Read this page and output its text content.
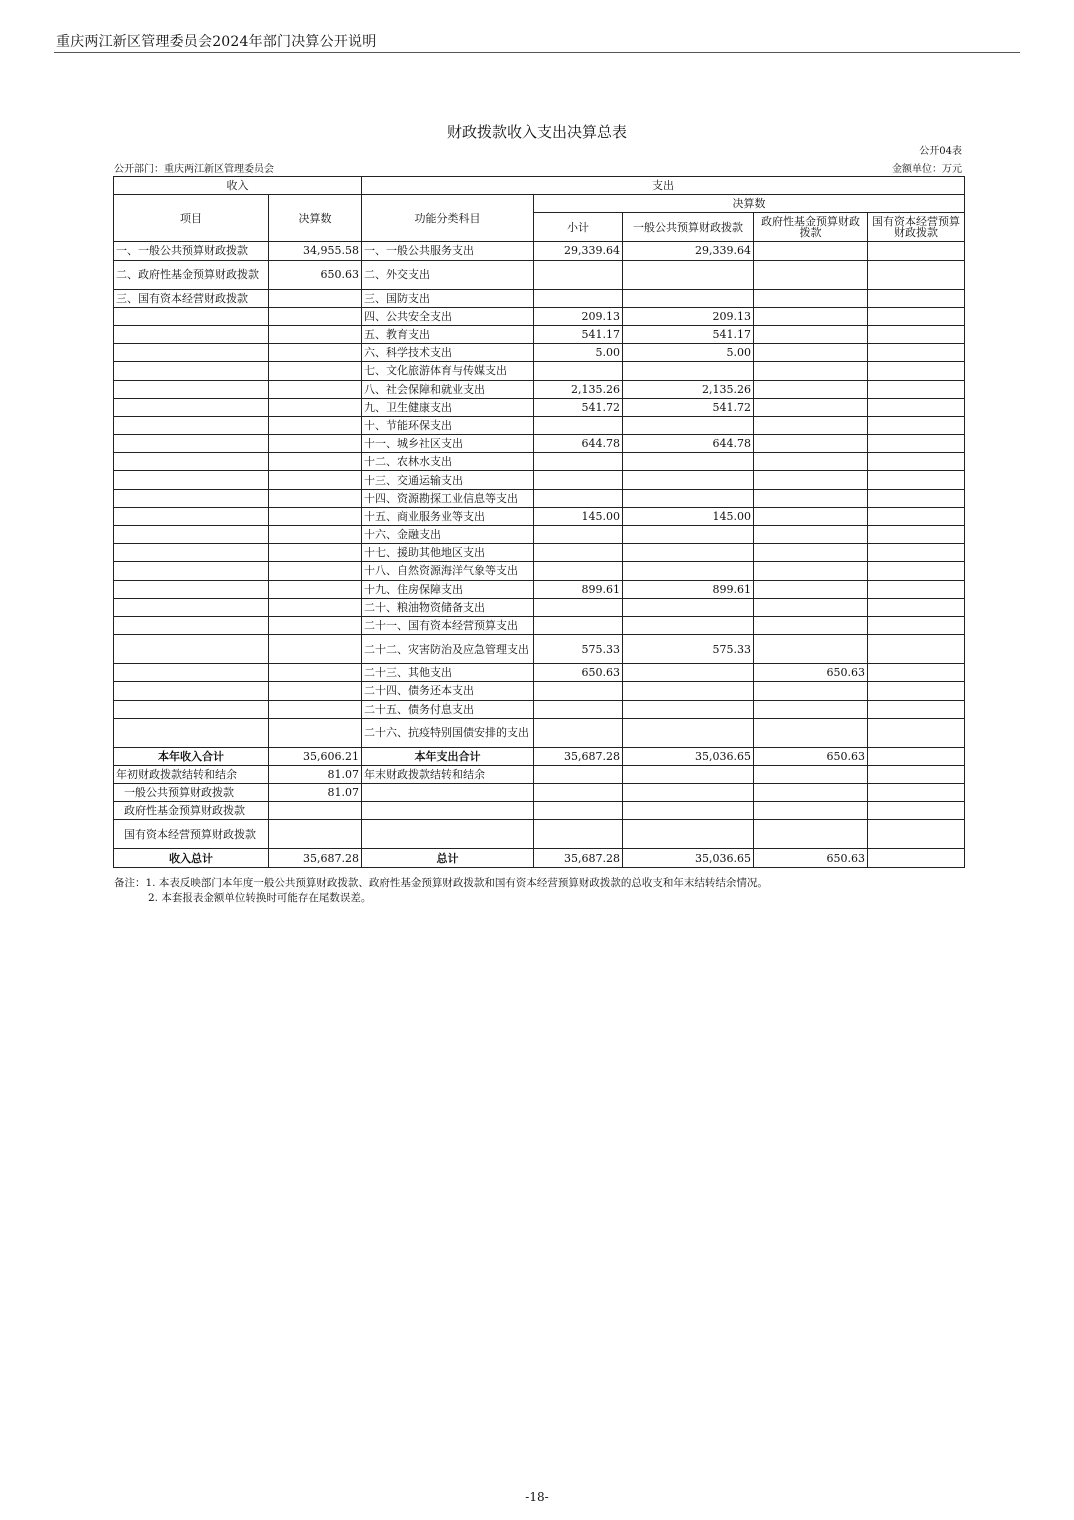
重庆两江新区管理委员会2024年部门决算公开说明
财政拨款收入支出决算总表
公开04表
公开部门：重庆两江新区管理委员会	金额单位：万元
收入		支出				
项目	决算数	功能分类科目	决算数			
			小计	一般公共预算财政拨款	政府性基金预算财政拨款	国有资本经营预算财政拨款
一、一般公共预算财政拨款	34,955.58	一、一般公共服务支出	29,339.64	29,339.64		
二、政府性基金预算财政拨款	650.63	二、外交支出				
三、国有资本经营财政拨款		三、国防支出				
		四、公共安全支出	209.13	209.13		
		五、教育支出	541.17	541.17		
		六、科学技术支出	5.00	5.00		
		七、文化旅游体育与传媒支出				
		八、社会保障和就业支出	2,135.26	2,135.26		
		九、卫生健康支出	541.72	541.72		
		十、节能环保支出				
		十一、城乡社区支出	644.78	644.78		
		十二、农林水支出				
		十三、交通运输支出				
		十四、资源勘探工业信息等支出				
		十五、商业服务业等支出	145.00	145.00		
		十六、金融支出				
		十七、援助其他地区支出				
		十八、自然资源海洋气象等支出				
		十九、住房保障支出	899.61	899.61		
		二十、粮油物资储备支出				
		二十一、国有资本经营预算支出				
		二十二、灾害防治及应急管理支出	575.33	575.33		
		二十三、其他支出	650.63		650.63	
		二十四、债务还本支出				
		二十五、债务付息支出				
		二十六、抗疫特别国债安排的支出				
本年收入合计	35,606.21	本年支出合计	35,687.28	35,036.65	650.63	
年初财政拨款结转和结余	81.07	年末财政拨款结转和结余				
一般公共预算财政拨款	81.07					
政府性基金预算财政拨款						
国有资本经营预算财政拨款						
收入总计	35,687.28	总计	35,687.28	35,036.65	650.63	
备注：1. 本表反映部门本年度一般公共预算财政拨款、政府性基金预算财政拨款和国有资本经营预算财政拨款的总收支和年末结转结余情况。
2. 本套报表金额单位转换时可能存在尾数误差。
-18-
